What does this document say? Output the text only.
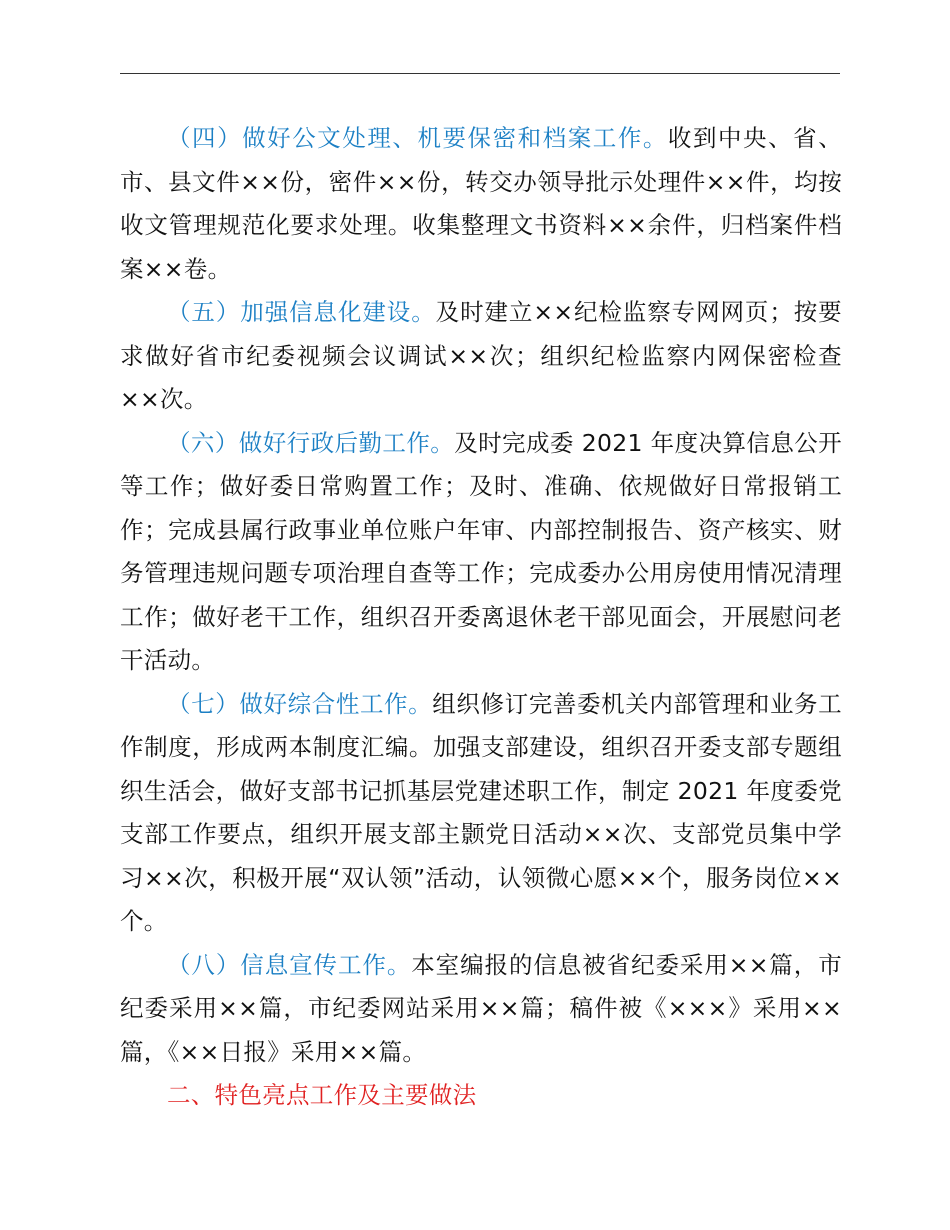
（四）做好公文处理、机要保密和档案工作。收到中央、省、市、县文件××份，密件××份，转交办领导批示处理件××件，均按收文管理规范化要求处理。收集整理文书资料××余件，归档案件档案××卷。

（五）加强信息化建设。及时建立××纪检监察专网网页；按要求做好省市纪委视频会议调试××次；组织纪检监察内网保密检查××次。

（六）做好行政后勤工作。及时完成委 2021 年度决算信息公开等工作；做好委日常购置工作；及时、准确、依规做好日常报销工作；完成县属行政事业单位账户年审、内部控制报告、资产核实、财务管理违规问题专项治理自查等工作；完成委办公用房使用情况清理工作；做好老干工作，组织召开委离退休老干部见面会，开展慰问老干活动。

（七）做好综合性工作。组织修订完善委机关内部管理和业务工作制度，形成两本制度汇编。加强支部建设，组织召开委支部专题组织生活会，做好支部书记抓基层党建述职工作，制定 2021 年度委党支部工作要点，组织开展支部主颢党日活动××次、支部党员集中学习××次，积极开展“双认领”活动，认领微心愿××个，服务岗位××个。

（八）信息宣传工作。本室编报的信息被省纪委采用××篇，市纪委采用××篇，市纪委网站采用××篇；稿件被《×××》采用××篇，《××日报》采用××篇。

二、特色亮点工作及主要做法
